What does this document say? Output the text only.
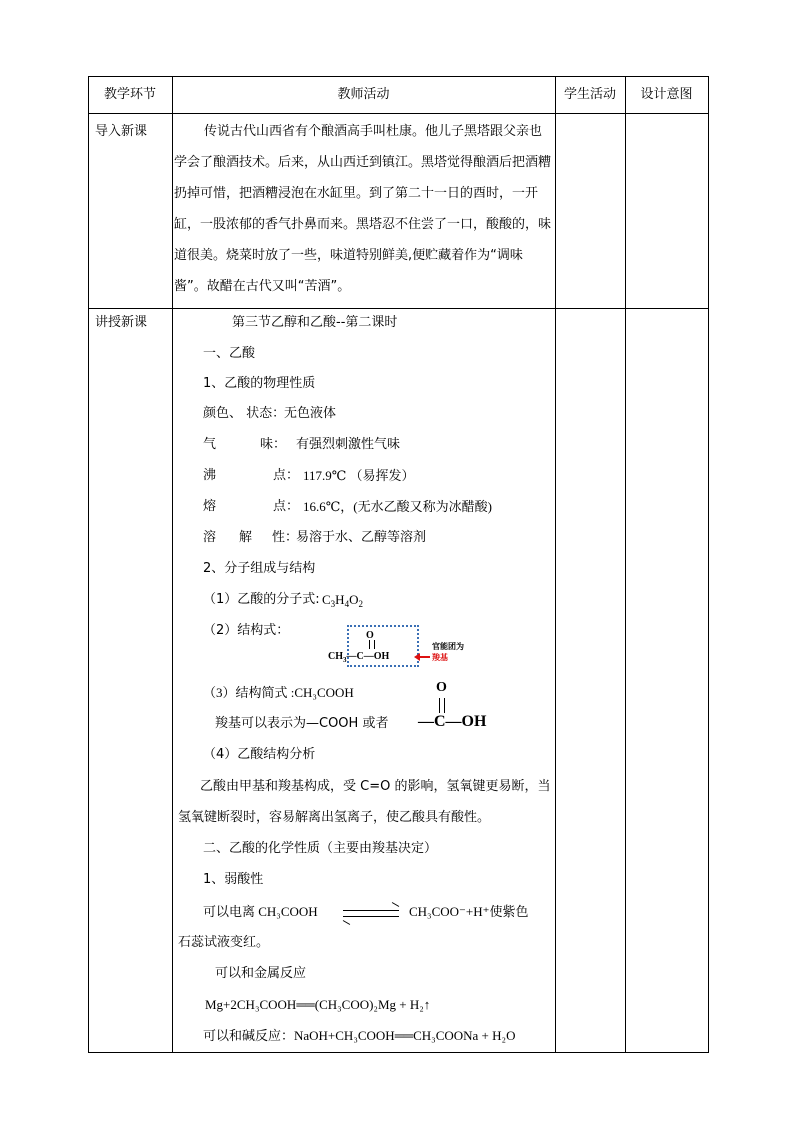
教学环节	教师活动	学生活动	设计意图
导入新课	传说古代山西省有个酿酒高手叫杜康。他儿子黑塔跟父亲也学会了酿酒技术。后来，从山西迁到镇江。黑塔觉得酿酒后把酒糟扔掉可惜，把酒糟浸泡在水缸里。到了第二十一日的酉时，一开缸，一股浓郁的香气扑鼻而来。黑塔忍不住尝了一口，酸酸的，味道很美。烧菜时放了一些，味道特别鲜美,便贮藏着作为“调味酱”。故醋在古代又叫“苦酒”。
讲授新课	第三节乙醇和乙酸--第二课时
一、乙酸
1、乙酸的物理性质
颜色、 状态：
无色液体
气	味： 有强烈刺激性气味
沸	点： 117.9℃ （易挥发）
熔	点： 16.6℃，(无水乙酸又称为冰醋酸)
溶 解 性：
易溶于水、乙醇等溶剂
2、分子组成与结构
（1）乙酸的分子式: $C_3H_4O_2$
（2）结构式：	O
$CH_3—C—OH$
官能团为
羧基
（3）结构简式 :CH₃COOH
羧基可以表示为—COOH 或者
O
—C—OH
（4）乙酸结构分析
乙酸由甲基和羧基构成，受 C=O 的影响，氢氧键更易断，当氢氧键断裂时，容易解离出氢离子，使乙酸具有酸性。
二、乙酸的化学性质（主要由羧基决定）
1、弱酸性
可以电离 CH₃COOH ⇌ CH₃COO⁻+H⁺使紫色
石蕊试液变红。
可以和金属反应
Mg+2CH₃COOH══(CH₃COO)₂Mg + H₂↑
可以和碱反应：NaOH+CH₃COOH══CH₃COONa + H₂O
